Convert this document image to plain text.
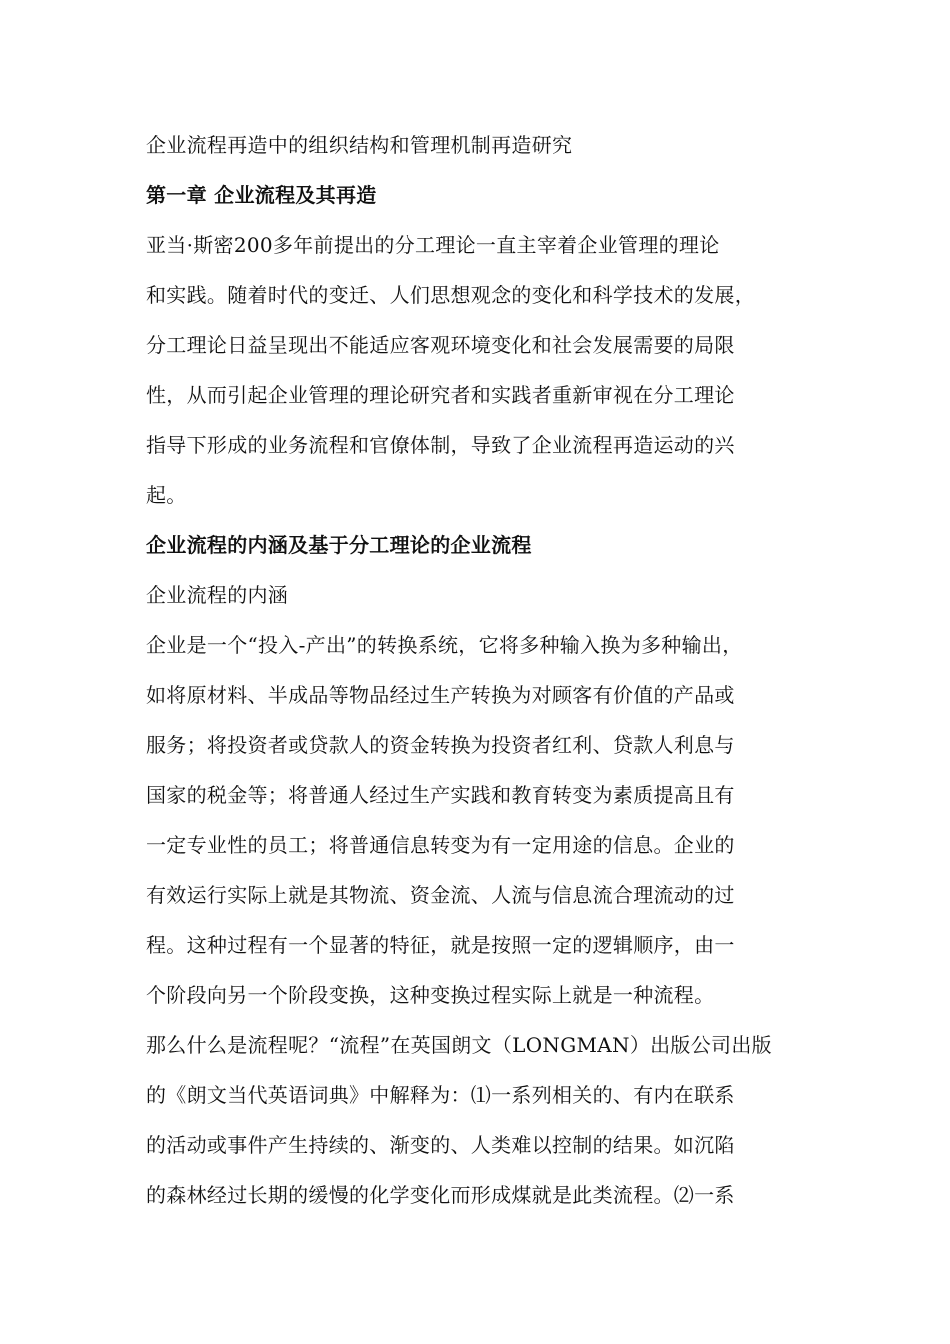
企业流程再造中的组织结构和管理机制再造研究
第一章 企业流程及其再造
亚当·斯密200多年前提出的分工理论一直主宰着企业管理的理论
和实践。随着时代的变迁、人们思想观念的变化和科学技术的发展，
分工理论日益呈现出不能适应客观环境变化和社会发展需要的局限
性，从而引起企业管理的理论研究者和实践者重新审视在分工理论
指导下形成的业务流程和官僚体制，导致了企业流程再造运动的兴
起。
企业流程的内涵及基于分工理论的企业流程
企业流程的内涵
企业是一个“投入-产出”的转换系统，它将多种输入换为多种输出，
如将原材料、半成品等物品经过生产转换为对顾客有价值的产品或
服务；将投资者或贷款人的资金转换为投资者红利、贷款人利息与
国家的税金等；将普通人经过生产实践和教育转变为素质提高且有
一定专业性的员工；将普通信息转变为有一定用途的信息。企业的
有效运行实际上就是其物流、资金流、人流与信息流合理流动的过
程。这种过程有一个显著的特征，就是按照一定的逻辑顺序，由一
个阶段向另一个阶段变换，这种变换过程实际上就是一种流程。
那么什么是流程呢？“流程”在英国朗文（LONGMAN）出版公司出版
的《朗文当代英语词典》中解释为：⑴一系列相关的、有内在联系
的活动或事件产生持续的、渐变的、人类难以控制的结果。如沉陷
的森林经过长期的缓慢的化学变化而形成煤就是此类流程。⑵一系
